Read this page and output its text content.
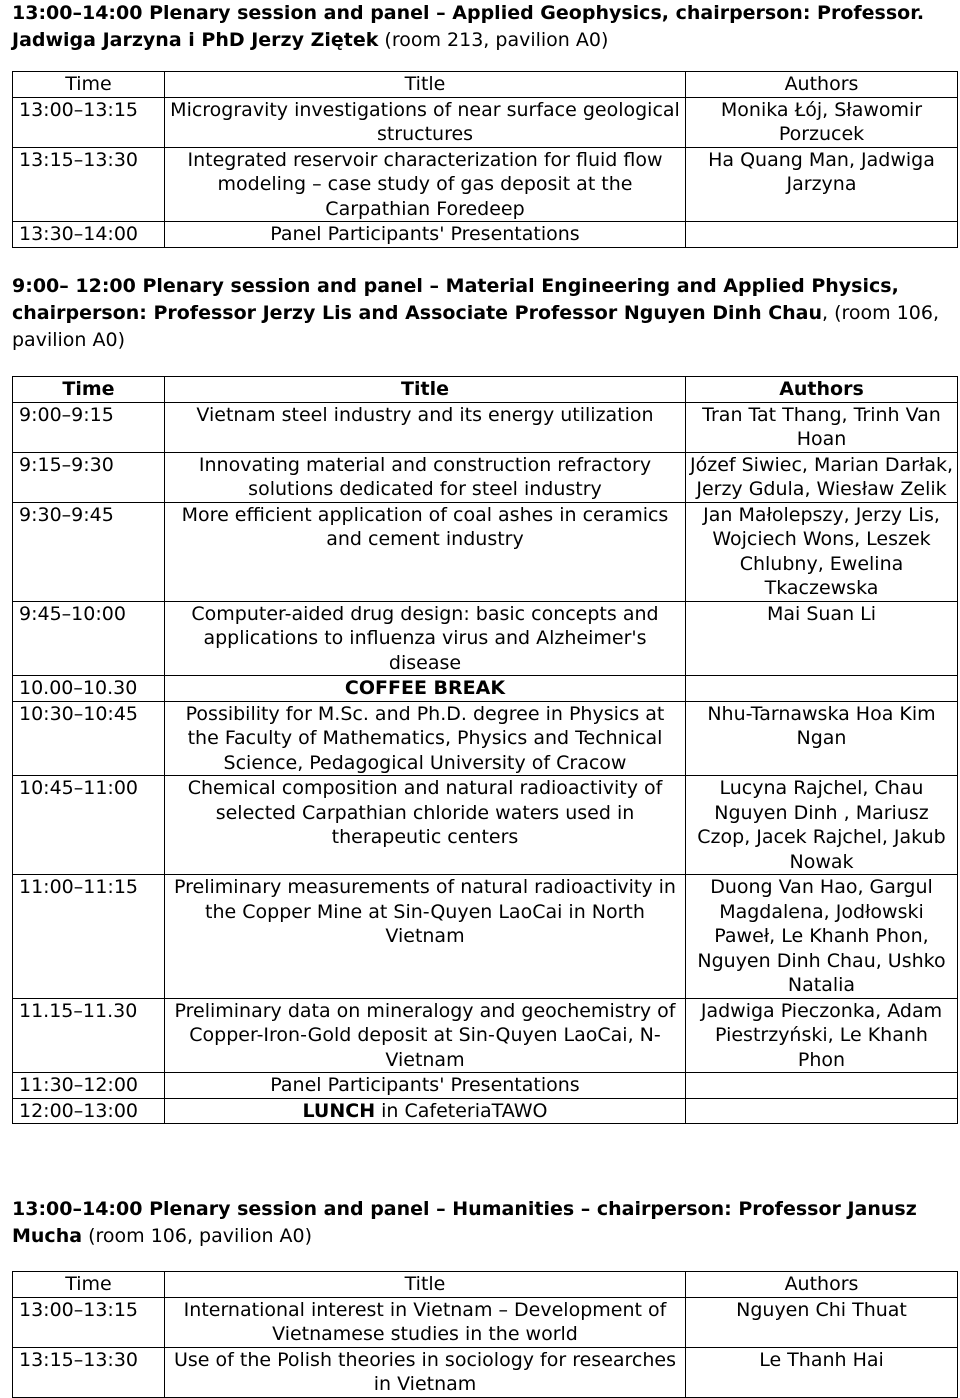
13:00–14:00 Plenary session and panel – Applied Geophysics, chairperson: Professor. Jadwiga Jarzyna i PhD Jerzy Ziętek (room 213, pavilion A0)

Time	Title	Authors
13:00–13:15	Microgravity investigations of near surface geological structures	Monika Łój, Sławomir Porzucek
13:15–13:30	Integrated reservoir characterization for fluid flow modeling – case study of gas deposit at the Carpathian Foredeep	Ha Quang Man, Jadwiga Jarzyna
13:30–14:00	Panel Participants' Presentations	

9:00– 12:00 Plenary session and panel – Material Engineering and Applied Physics, chairperson: Professor Jerzy Lis and Associate Professor Nguyen Dinh Chau, (room 106, pavilion A0)

Time	Title	Authors
9:00–9:15	Vietnam steel industry and its energy utilization	Tran Tat Thang, Trinh Van Hoan
9:15–9:30	Innovating material and construction refractory solutions dedicated for steel industry	Józef Siwiec, Marian Darłak, Jerzy Gdula, Wiesław Zelik
9:30–9:45	More efficient application of coal ashes in ceramics and cement industry	Jan Małolepszy, Jerzy Lis, Wojciech Wons, Leszek Chlubny, Ewelina Tkaczewska
9:45–10:00	Computer-aided drug design: basic concepts and applications to influenza virus and Alzheimer's disease	Mai Suan Li
10.00–10.30	COFFEE BREAK	
10:30–10:45	Possibility for M.Sc. and Ph.D. degree in Physics at the Faculty of Mathematics, Physics and Technical Science, Pedagogical University of Cracow	Nhu-Tarnawska Hoa Kim Ngan
10:45–11:00	Chemical composition and natural radioactivity of selected Carpathian chloride waters used in therapeutic centers	Lucyna Rajchel, Chau Nguyen Dinh , Mariusz Czop, Jacek Rajchel, Jakub Nowak
11:00–11:15	Preliminary measurements of natural radioactivity in the Copper Mine at Sin-Quyen LaoCai in North Vietnam	Duong Van Hao, Gargul Magdalena, Jodłowski Paweł, Le Khanh Phon, Nguyen Dinh Chau, Ushko Natalia
11.15–11.30	Preliminary data on mineralogy and geochemistry of Copper-Iron-Gold deposit at Sin-Quyen LaoCai, N-Vietnam	Jadwiga Pieczonka, Adam Piestrzyński, Le Khanh Phon
11:30–12:00	Panel Participants' Presentations	
12:00–13:00	LUNCH in CafeteriaTAWO	

13:00–14:00 Plenary session and panel – Humanities – chairperson: Professor Janusz Mucha (room 106, pavilion A0)

Time	Title	Authors
13:00–13:15	International interest in Vietnam – Development of Vietnamese studies in the world	Nguyen Chi Thuat
13:15–13:30	Use of the Polish theories in sociology for researches in Vietnam	Le Thanh Hai
